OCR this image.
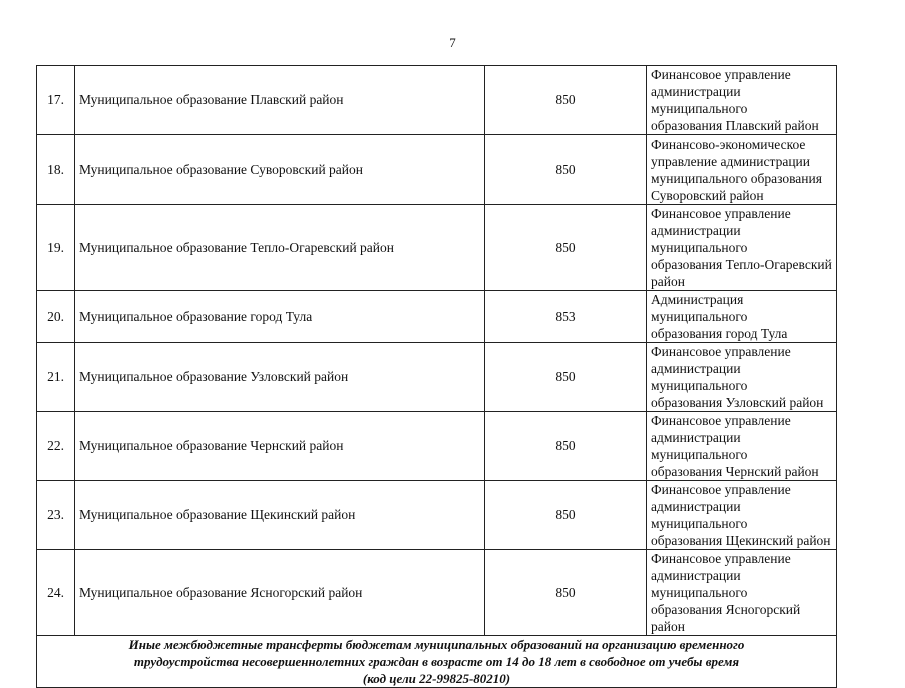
7
17.	Муниципальное образование Плавский район	850	Финансовое управление
администрации муниципального
образования Плавский район

18.	Муниципальное образование Суворовский район	850	Финансово-экономическое
управление администрации
муниципального образования
Суворовский район

19.	Муниципальное образование Тепло-Огаревский район	850	Финансовое управление
администрации муниципального
образования Тепло-Огаревский
район

20.	Муниципальное образование город Тула	853	Администрация муниципального
образования город Тула

21.	Муниципальное образование Узловский район	850	Финансовое управление
администрации муниципального
образования Узловский район

22.	Муниципальное образование Чернский район	850	Финансовое управление
администрации муниципального
образования Чернский район

23.	Муниципальное образование Щекинский район	850	Финансовое управление
администрации муниципального
образования Щекинский район

24.	Муниципальное образование Ясногорский район	850	Финансовое управление
администрации муниципального
образования Ясногорский район

Иные межбюджетные трансферты бюджетам муниципальных образований на организацию временного
трудоустройства несовершеннолетних граждан в возрасте от 14 до 18 лет в свободное от учебы время
(код цели 22-99825-80210)			
